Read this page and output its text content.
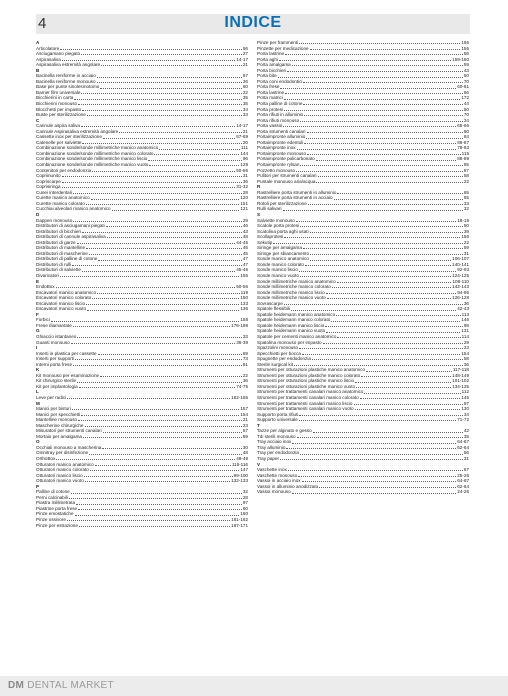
4	INDICE
A
Articolatore	56
Asciugamano piegato	27
Aspirasaliva	14-17
Aspirasaliva estremità angolare	21
B
Bacinella reniforme in acciaio	67
Bacinella reniforme monouso	26
Base per punte sinolesmotomo	60
Barrier film universale	22
Bicchierini in carta	35
Bicchierini monouso	35
Blocchetti per impasto	34
Buste per sterilizzazione	33
C
Cannule aspira saliva	14-17
Cannule Aspirasaliva estremità angolare	21
Cassette inox per sterilizzazione	67-69
Catenelle per salviette	20
Combinazione sonde/sonde millimetriche manico anatomico	111
Combinazione sonde/sonde millimetriche manico colorato	144
Combinazione sonde/sonde millimetriche manico liscio	96
Combinazione sonde/sonde millimetriche manico vuoto	129
Contenitori per endodonzia	50-56
Copriinunito	31
Copriscarpe	36
Coprisiringa	31-32
Cunei interdentali	28
Curette manico anatomico	120
Curette manico colorato	151
Cucchiai alveolari manico anatomico	121
D
Dappen monouso	29
Distributori di asciugamani piegati	46
Distributori di bicchieri	43
Distributori di cannule aspirasaliva	48
Distributori di garze	44-45
Distributori di mantelline	46
Distributori di mascherine	45
Distributori di palline di cotone	47
Distributori di rulli	47
Distributori di salviette	45-46
Divaricatori	155
E
EndoBox	50-56
Escavatori manico anatomico	119
Escavatori manico colorato	150
Escavatori manico liscio	133
Escavatori manico vuoto	136
F
Forbici	158
Frese diamantate	176-198
G
Ghiaccio istantaneo	33
Guanti monouso	36-39
I
Inserti in plastica per cassette	69
Inserti per supporti	73
Interni porta frese	61
K
Kit monouso per esaminazione	22
Kit chirurgico sterile	36
Kit per implantologia	74-75
L
Leve per radici	162-165
M
Manici per bisturi	157
Manici per specchietti	154
Mantelline monouso	21
Mascherine chirurgiche	23
Misuratori per strumenti canalari	57
Mortaio per amalgama	59
O
Occhiali monouso a mascherina	30
Omnitray per disinfezione	48
OrthoBox	48-49
Otturatori manico anatomico	115-116
Otturatori manico colorato	147
Otturatori manico liscio	99-100
Otturatori manico vuoto	132-133
P
Palline di cotone	32
Perni calcinabili	28
Piastra millimetrata	97
Piastrine porta frese	60
Pinze emostatiche	160
Pinze ossivore	161-162
Pinze per estrazione	167-171
Pinze per frammenti	166
Pinzette per medicazione	156
Porta lastrine	56
Porta aghi	159-160
Porta amalgama	59
Porta bicchieri	43
Porta bite	50
Porta coni endodontici	70
Porta frese	60-61
Porta lastrine	56
Porta matrici	172
Porta palline di cotone	44
Porta protesi	50
Porta rifiuti in alluminio	70
Porta rifiuti monouso	34
Porta vassoi	65-66
Porta strumenti canalari	60
Portaimpronte alluminio	84
Portaimpronte edentuli	86-87
Portaimpronte inox	78-83
Portaimpronte monouso	115
Portaimpronte policarbonato	88-89
Portaimpronte rylsan	85
Pozzetto monouso	87
Pulitori per strumenti canalari	58
Puntale monouso aria/acqua	22
R
Rastrelliere porta strumenti in alluminio	65
Rastrelliere porta strumenti in acciaio	65
Rotoli per sterilizzazione	33
Rulli salivari	32
S
Salviette monouso	18-19
Scatole porta protesi	50
Scatolina porta aghi usati	39
Scollaprotesi	156
Sekutip	22
Siringe per amalgama	59
Siringe per sbiancamento	31
Sonde manico anatomico	106-107
Sonde manico colorato	140-141
Sonde manico liscio	92-93
Sonde manico vuoto	124-125
Sonde millimetriche manico anatomico	108-110
Sonde millimetriche manico colorato	142-143
Sonde millimetriche manico liscio	94-95
Sonde millimetriche manico vuoto	126-128
Sovrascarpe	36
Spatole flessibili	42-43
Spatole heidemann manico anatomico	113
Spatole heidemann manico colorato	146
Spatole heidemann manico liscio	98
Spatole heidemann manico vuoto	131
Spatole per cementi manico anatomico	114
Spatolina monouso per impasto	29
Spazzolini monouso	23
Specchietti per bocca	154
Spugnette per endodonzia	58
Sterile surgical kit	36
Strumenti per otturazioni plastiche manico anatomico	117-118
Strumenti per otturazioni plastiche manico colorato	148-149
Strumenti per otturazioni plastiche manico liscio	101-102
Strumenti per otturazioni plastiche manico vuoto	134-135
Strumenti per trattamenti canalari manico anatomico	112
Strumenti per trattamenti canalari manico colorato	145
Strumenti per trattamenti canalari manico liscio	97
Strumenti per trattamenti canalari manico vuoto	130
Supporto porta rifiuti	34
Supporto universale	71-72
T
Tazze per alginato e gesso	42
Tdi sterili monouso	35
Tray acciaio inox	64-67
Tray alluminio	62-64
Tray per endodonzia	56
Tray paper	31
V
Vaschette inox	67
Vaschette monouso	25-26
Vassoi in acciaio inox	64-67
Vassoi in alluminio anodizzato	62-64
Vassoi monouso	24-26
DM DENTAL MARKET
